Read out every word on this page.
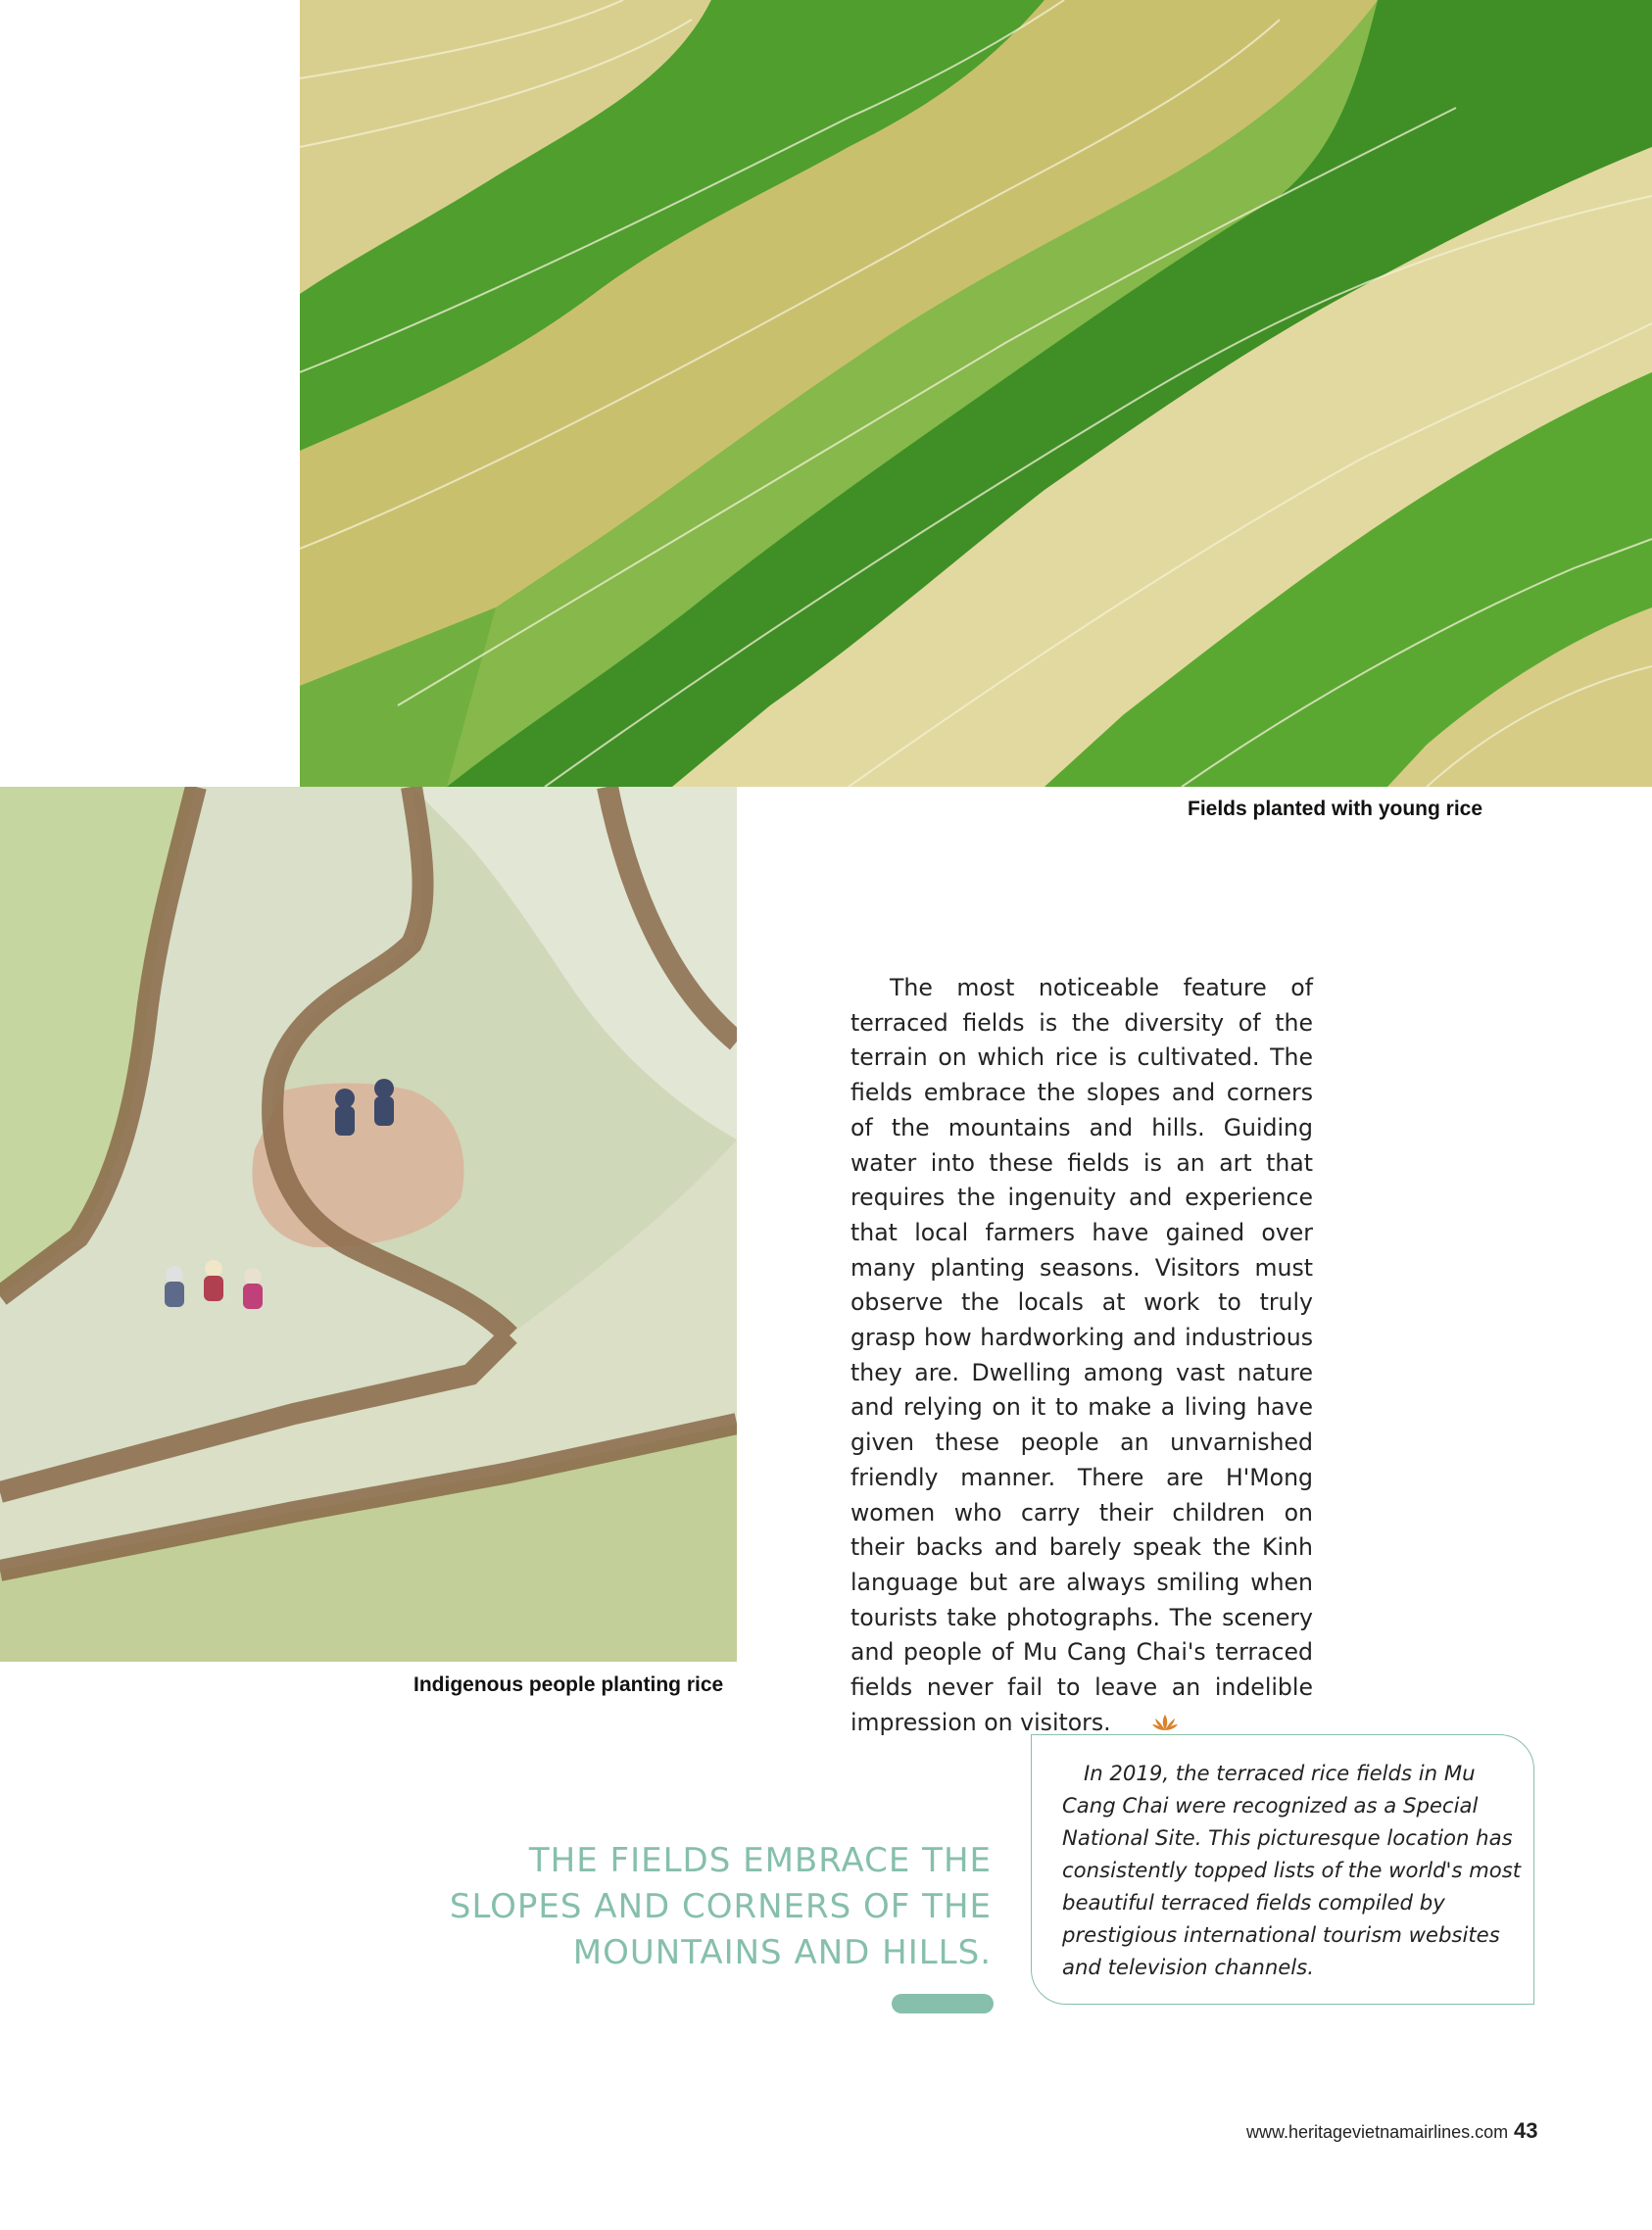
Fields planted with young rice
Indigenous people planting rice

The most noticeable feature of terraced fields is the diversity of the terrain on which rice is cultivated. The fields embrace the slopes and corners of the mountains and hills. Guiding water into these fields is an art that requires the ingenuity and experience that local farmers have gained over many planting seasons. Visitors must observe the locals at work to truly grasp how hardworking and industrious they are. Dwelling among vast nature and relying on it to make a living have given these people an unvarnished friendly manner. There are H'Mong women who carry their children on their backs and barely speak the Kinh language but are always smiling when tourists take photographs. The scenery and people of Mu Cang Chai's terraced fields never fail to leave an indelible impression on visitors.

THE FIELDS EMBRACE THE
SLOPES AND CORNERS OF THE
MOUNTAINS AND HILLS.

In 2019, the terraced rice fields in Mu Cang Chai were recognized as a Special National Site. This picturesque location has consistently topped lists of the world's most beautiful terraced fields compiled by prestigious international tourism websites and television channels.

www.heritagevietnamairlines.com 43
